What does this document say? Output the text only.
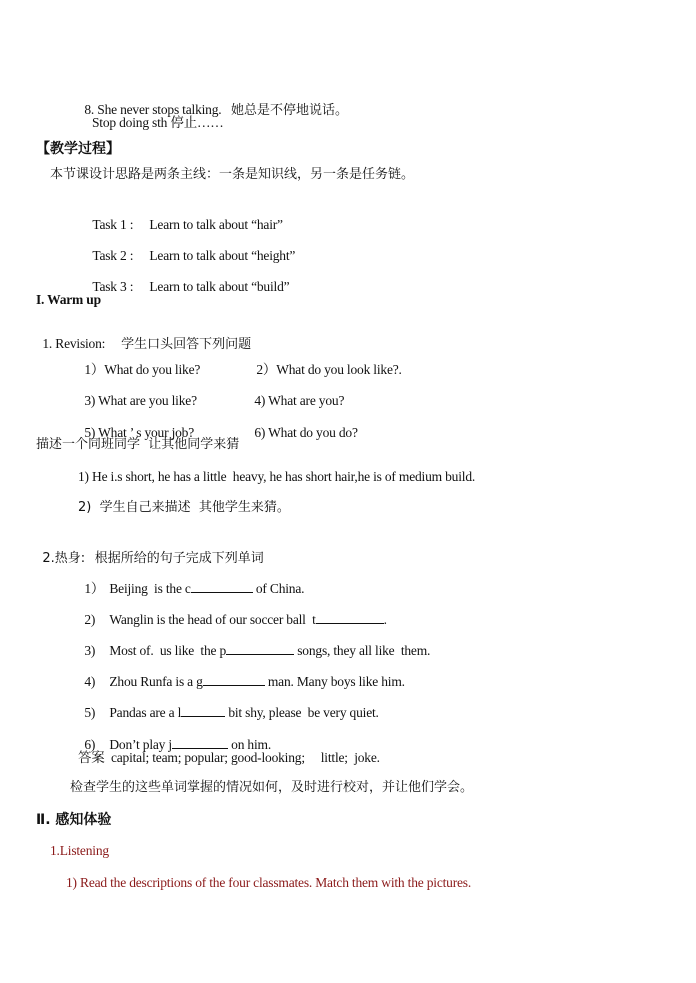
8. She never stops talking. 她总是不停地说话。

Stop doing sth 停止……
【教学过程】
本节课设计思路是两条主线：一条是知识线，另一条是任务链。

Task 1 : Learn to talk about “hair”

Task 2 : Learn to talk about “height”

Task 3 : Learn to talk about “build”

I. Warm up

1. Revision: 学生口头回答下列问题

1）What do you like?	2）What do you look like?.

3) What are you like?	4) What are you?

5) What ’ s your job?	6) What do you do?

描述一个同班同学  让其他同学来猜
1) He i.s short, he has a little  heavy, he has short hair,he is of medium build.
2)  学生自己来描述  其他学生来猜。

2.热身: 根据所给的句子完成下列单词

1） Beijing  is the c	of China.

2) Wanglin is the head of our soccer ball  t	.

3) Most of.  us like  the p	songs, they all like  them.

4) Zhou Runfa is a g	man. Many boys like him.

5) Pandas are a l	bit shy, please  be very quiet.

6) Don’t play j	on him.

答案  capital; team; popular; good-looking;     little;  joke.
检查学生的这些单词掌握的情况如何，及时进行校对，并让他们学会。
Ⅱ. 感知体验
1.Listening
1) Read the descriptions of the four classmates. Match them with the pictures.
